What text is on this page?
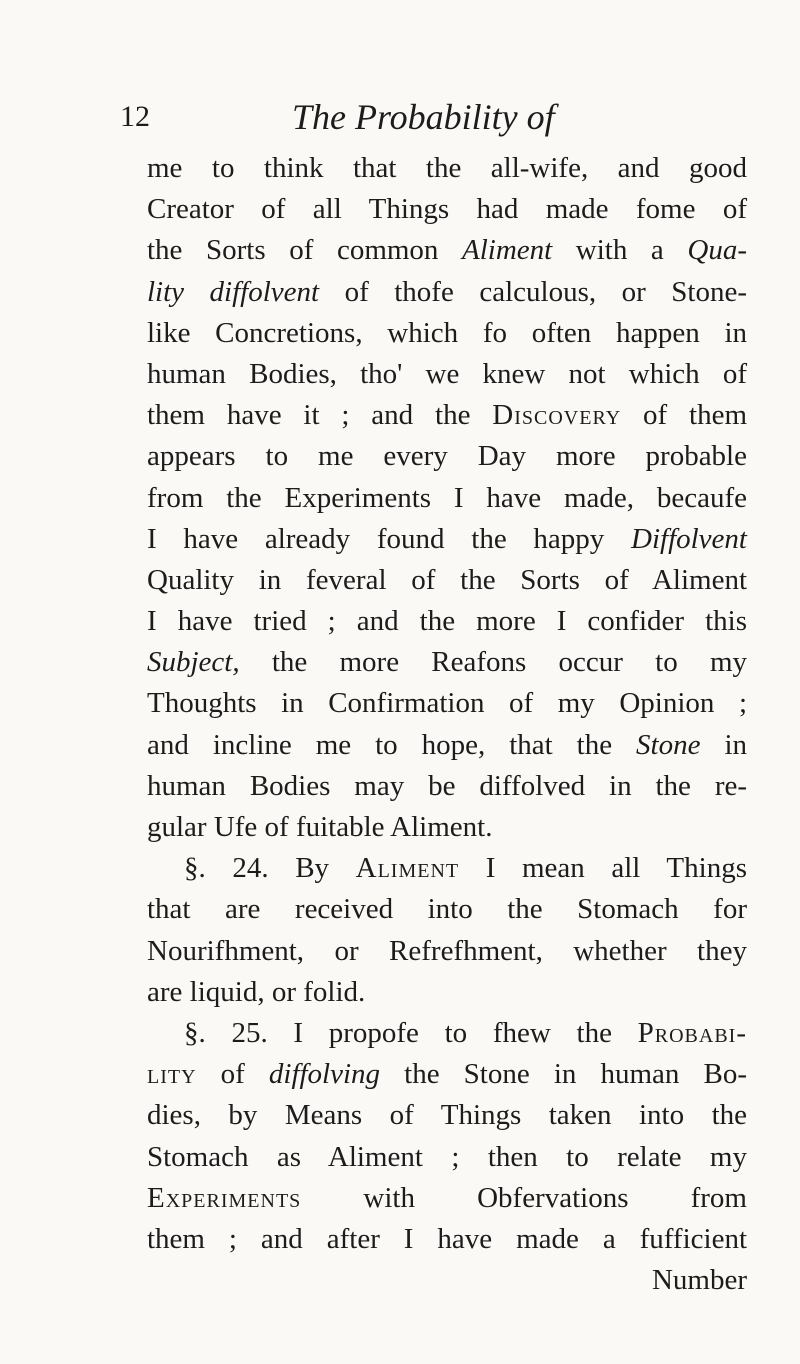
12	The Probability of
me to think that the all-wife, and good
Creator of all Things had made fome of
the Sorts of common Aliment with a Qua-
lity diffolvent of thofe calculous, or Stone-
like Concretions, which fo often happen in
human Bodies, tho' we knew not which of
them have it ; and the Discovery of them
appears to me every Day more probable
from the Experiments I have made, becaufe
I have already found the happy Diffolvent
Quality in feveral of the Sorts of Aliment
I have tried ; and the more I confider this
Subject, the more Reafons occur to my
Thoughts in Confirmation of my Opinion ;
and incline me to hope, that the Stone in
human Bodies may be diffolved in the re-
gular Ufe of fuitable Aliment.
§. 24. By Aliment I mean all Things
that are received into the Stomach for
Nourifhment, or Refrefhment, whether they
are liquid, or folid.
§. 25. I propofe to fhew the Probabi-
lity of diffolving the Stone in human Bo-
dies, by Means of Things taken into the
Stomach as Aliment ; then to relate my
Experiments with Obfervations from
them ; and after I have made a fufficient
Number
